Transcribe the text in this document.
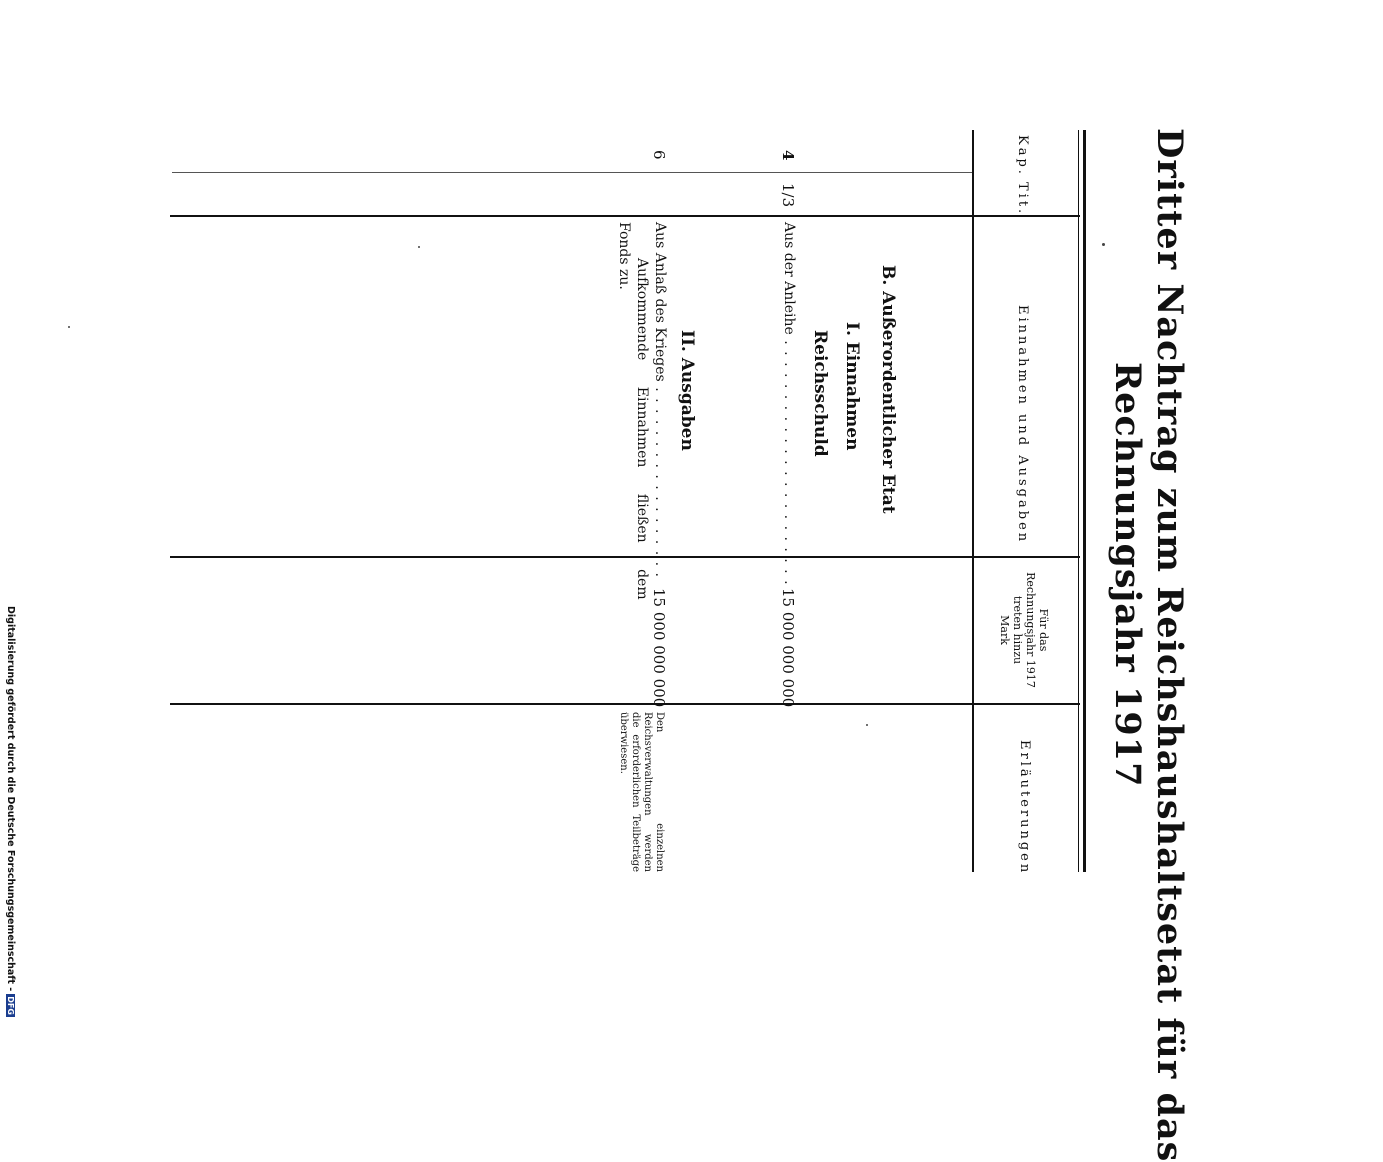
Dritter Nachtrag zum Reichshaushaltsetat für das
Rechnungsjahr 1917
Kap.
Tit.
Einnahmen und Ausgaben
Für das
Rechnungsjahr 1917
treten hinzu
Mark
Erläuterungen
B. Außerordentlicher Etat
I. Einnahmen
Reichsschuld
II. Ausgaben
4
1/3
Aus der Anleihe . . . . . . . . . . . . . . . . . . . . . . .
15 000 000 000
6
Aus Anlaß des Krieges . . . . . . . . . . . . . . . . . .
Aufkommende Einnahmen fließen dem
Fonds zu.
15 000 000 000
Den einzelnen Reichsverwaltungen werden die erforderlichen Teilbeträge überwiesen.
Digitalisierung gefördert durch die Deutsche Forschungsgemeinschaft -DFG
